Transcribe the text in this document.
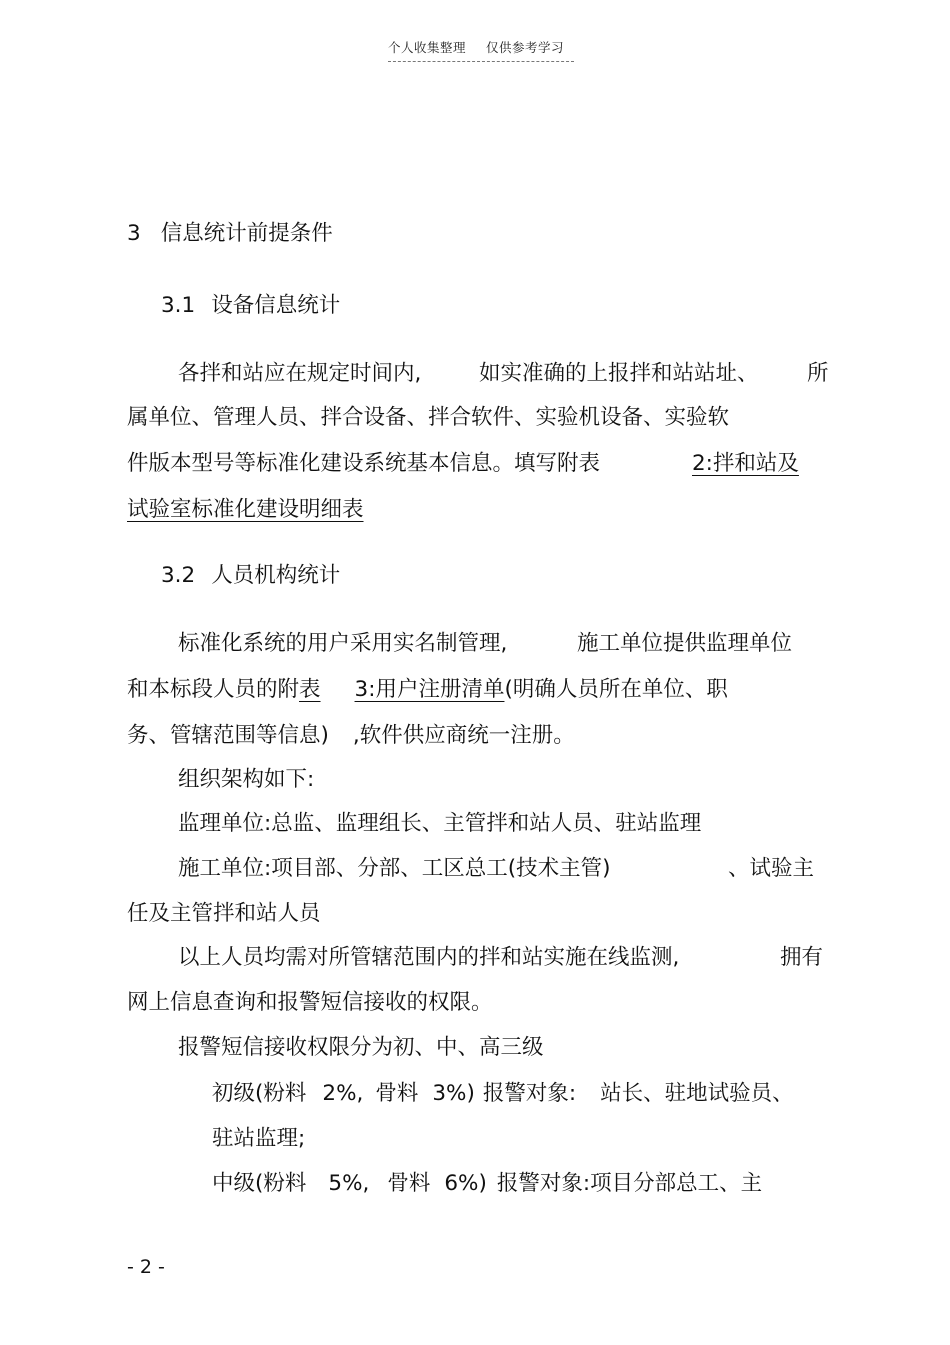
个人收集整理 仅供参考学习
3 信息统计前提条件
3.1 设备信息统计
各拌和站应在规定时间内,	如实准确的上报拌和站站址、 所
属单位、管理人员、拌合设备、拌合软件、实验机设备、实验软
件版本型号等标准化建设系统基本信息。填写附表	2:拌和站及
试验室标准化建设明细表
3.2 人员机构统计
标准化系统的用户采用实名制管理,	施工单位提供监理单位
和本标段人员的附表 3:用户注册清单(明确人员所在单位、职
务、管辖范围等信息) ,软件供应商统一注册。
组织架构如下:
监理单位:总监、监理组长、主管拌和站人员、驻站监理
施工单位:项目部、分部、工区总工(技术主管)	、试验主
任及主管拌和站人员
以上人员均需对所管辖范围内的拌和站实施在线监测,	拥有
网上信息查询和报警短信接收的权限。
报警短信接收权限分为初、中、高三级
初级(粉料 2%, 骨料 3%) 报警对象: 站长、驻地试验员、
驻站监理;
中级(粉料 5%, 骨料 6%) 报警对象:项目分部总工、主
- 2 -
